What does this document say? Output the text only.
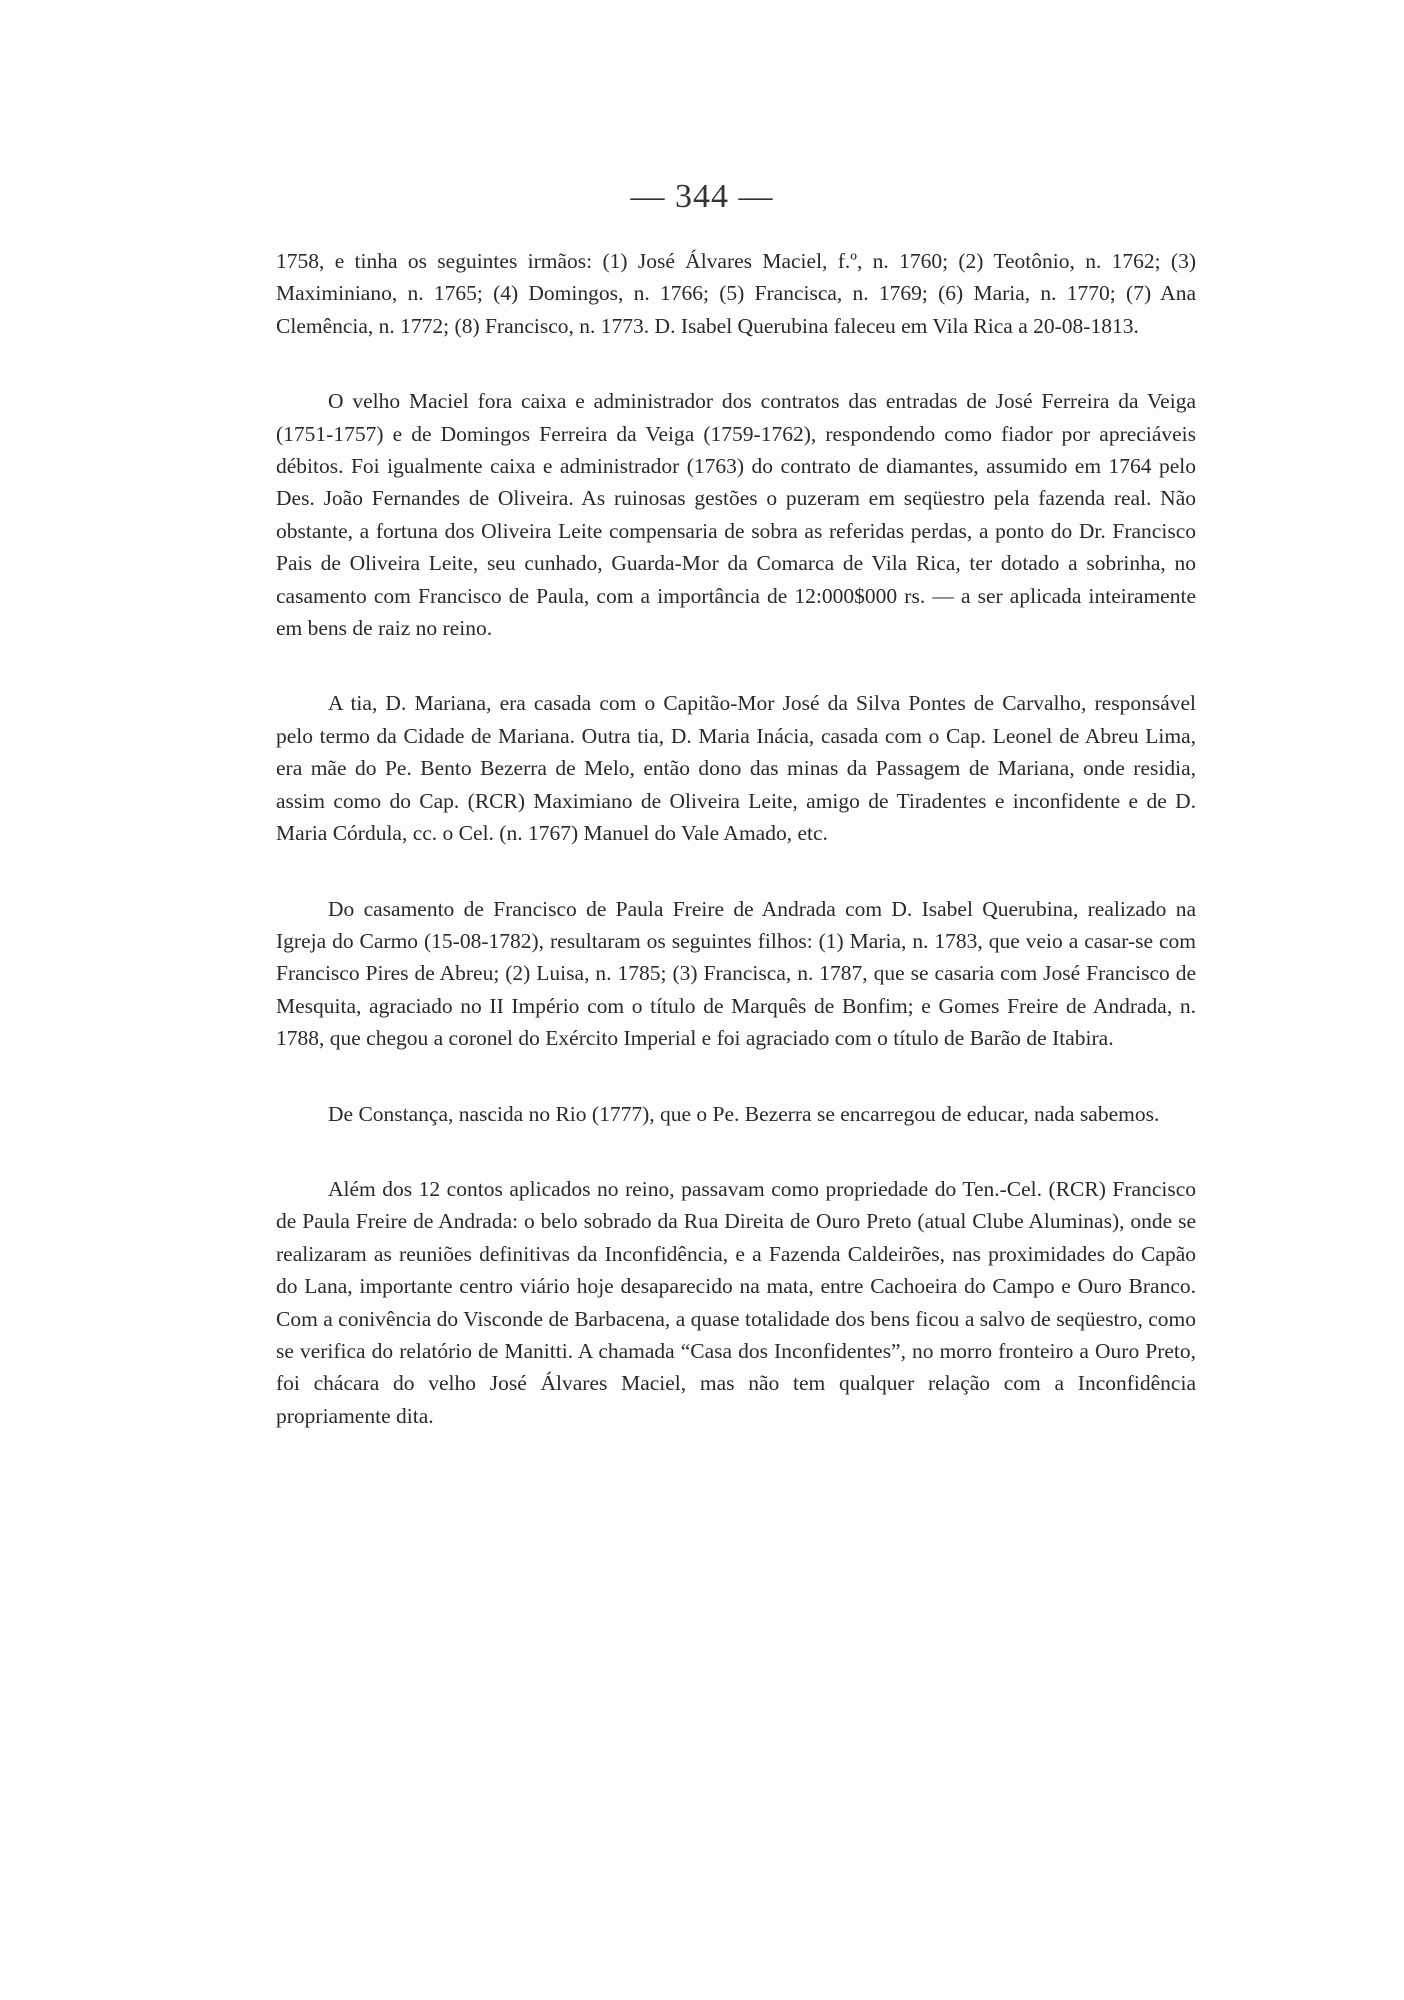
— 344 —

1758, e tinha os seguintes irmãos: (1) José Álvares Maciel, f.º, n. 1760; (2) Teotônio, n. 1762; (3) Maximiniano, n. 1765; (4) Domingos, n. 1766; (5) Francisca, n. 1769; (6) Maria, n. 1770; (7) Ana Clemência, n. 1772; (8) Francisco, n. 1773. D. Isabel Querubina faleceu em Vila Rica a 20-08-1813.

O velho Maciel fora caixa e administrador dos contratos das entradas de José Ferreira da Veiga (1751-1757) e de Domingos Ferreira da Veiga (1759-1762), respondendo como fiador por apreciáveis débitos. Foi igualmente caixa e administrador (1763) do contrato de diamantes, assumido em 1764 pelo Des. João Fernandes de Oliveira. As ruinosas gestões o puzeram em seqüestro pela fazenda real. Não obstante, a fortuna dos Oliveira Leite compensaria de sobra as referidas perdas, a ponto do Dr. Francisco Pais de Oliveira Leite, seu cunhado, Guarda-Mor da Comarca de Vila Rica, ter dotado a sobrinha, no casamento com Francisco de Paula, com a importância de 12:000$000 rs. — a ser aplicada inteiramente em bens de raiz no reino.

A tia, D. Mariana, era casada com o Capitão-Mor José da Silva Pontes de Carvalho, responsável pelo termo da Cidade de Mariana. Outra tia, D. Maria Inácia, casada com o Cap. Leonel de Abreu Lima, era mãe do Pe. Bento Bezerra de Melo, então dono das minas da Passagem de Mariana, onde residia, assim como do Cap. (RCR) Maximiano de Oliveira Leite, amigo de Tiradentes e inconfidente e de D. Maria Córdula, cc. o Cel. (n. 1767) Manuel do Vale Amado, etc.

Do casamento de Francisco de Paula Freire de Andrada com D. Isabel Querubina, realizado na Igreja do Carmo (15-08-1782), resultaram os seguintes filhos: (1) Maria, n. 1783, que veio a casar-se com Francisco Pires de Abreu; (2) Luisa, n. 1785; (3) Francisca, n. 1787, que se casaria com José Francisco de Mesquita, agraciado no II Império com o título de Marquês de Bonfim; e Gomes Freire de Andrada, n. 1788, que chegou a coronel do Exército Imperial e foi agraciado com o título de Barão de Itabira.

De Constança, nascida no Rio (1777), que o Pe. Bezerra se encarregou de educar, nada sabemos.

Além dos 12 contos aplicados no reino, passavam como propriedade do Ten.-Cel. (RCR) Francisco de Paula Freire de Andrada: o belo sobrado da Rua Direita de Ouro Preto (atual Clube Aluminas), onde se realizaram as reuniões definitivas da Inconfidência, e a Fazenda Caldeirões, nas proximidades do Capão do Lana, importante centro viário hoje desaparecido na mata, entre Cachoeira do Campo e Ouro Branco. Com a conivência do Visconde de Barbacena, a quase totalidade dos bens ficou a salvo de seqüestro, como se verifica do relatório de Manitti. A chamada “Casa dos Inconfidentes”, no morro fronteiro a Ouro Preto, foi chácara do velho José Álvares Maciel, mas não tem qualquer relação com a Inconfidência propriamente dita.
